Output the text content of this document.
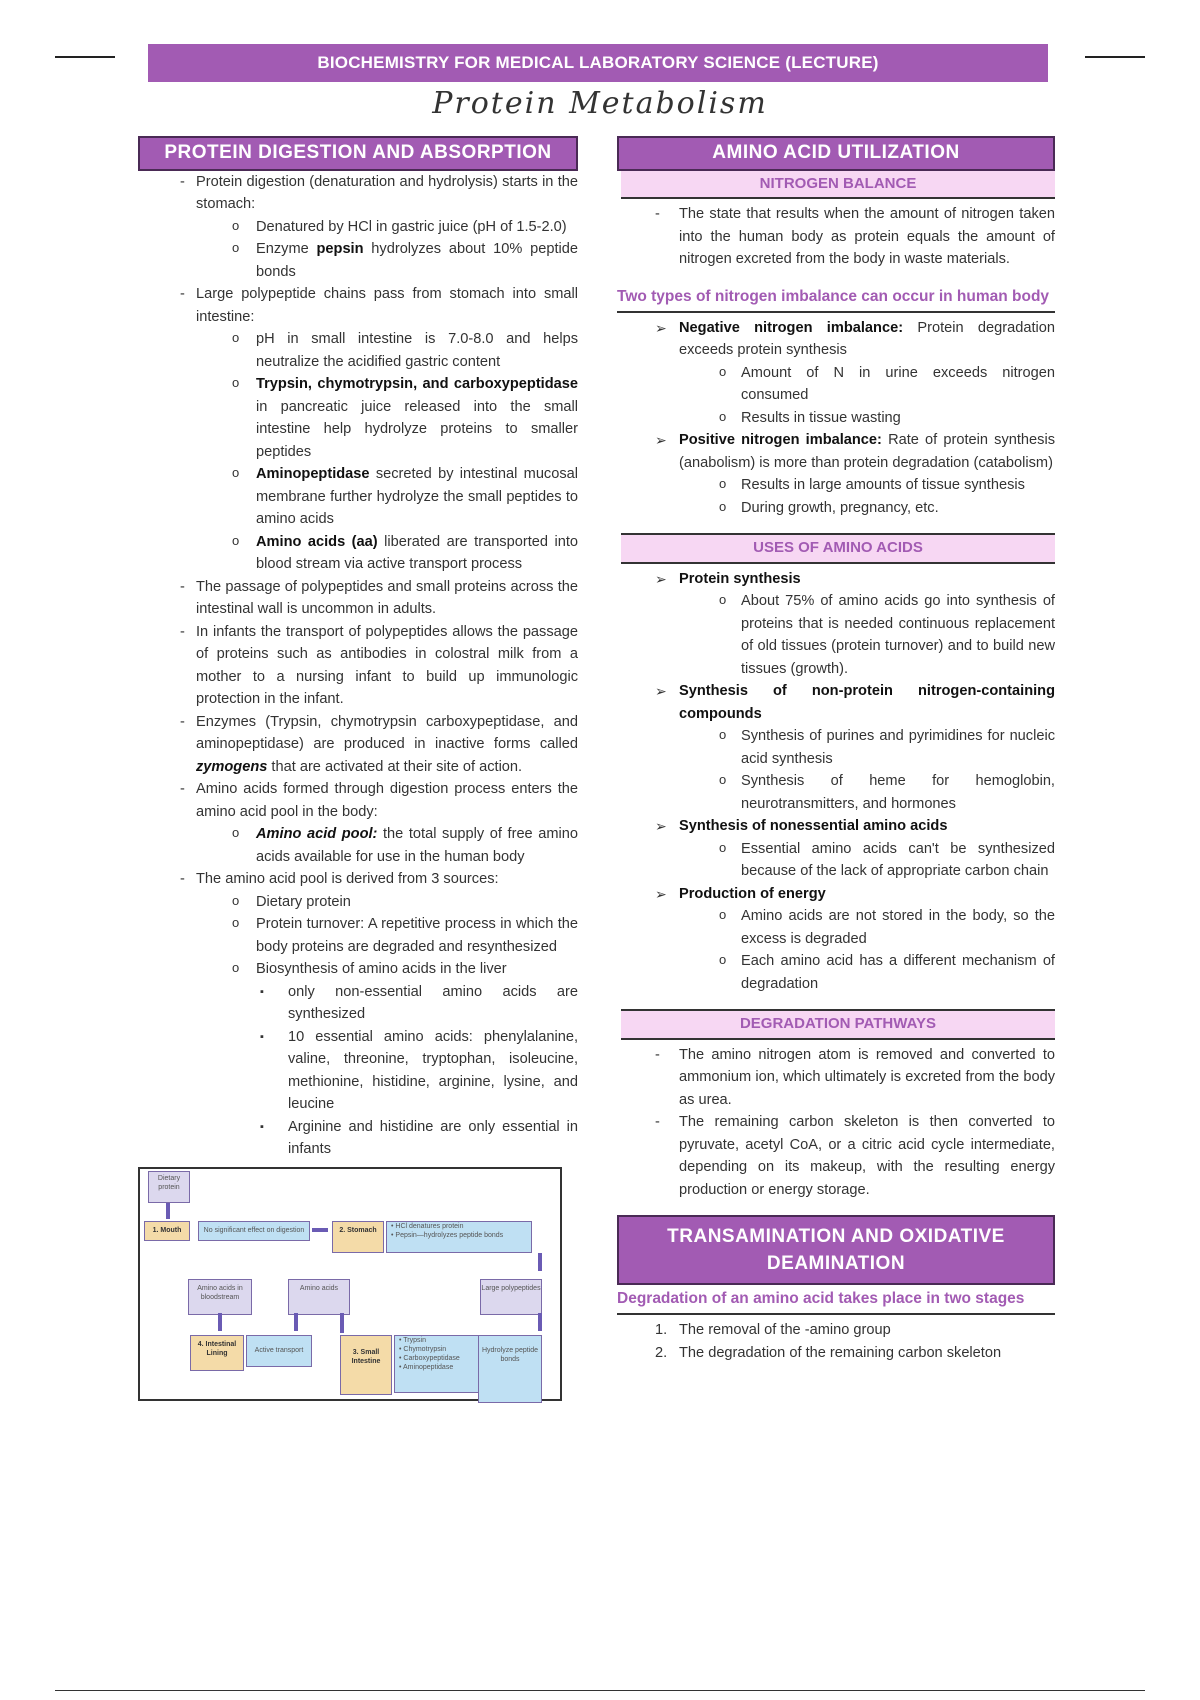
BIOCHEMISTRY FOR MEDICAL LABORATORY SCIENCE (LECTURE)
Protein Metabolism
PROTEIN DIGESTION AND ABSORPTION
- Protein digestion (denaturation and hydrolysis) starts in the stomach:
o Denatured by HCl in gastric juice (pH of 1.5-2.0)
o Enzyme pepsin hydrolyzes about 10% peptide bonds
- Large polypeptide chains pass from stomach into small intestine:
o pH in small intestine is 7.0-8.0 and helps neutralize the acidified gastric content
o Trypsin, chymotrypsin, and carboxypeptidase in pancreatic juice released into the small intestine help hydrolyze proteins to smaller peptides
o Aminopeptidase secreted by intestinal mucosal membrane further hydrolyze the small peptides to amino acids
o Amino acids (aa) liberated are transported into blood stream via active transport process
- The passage of polypeptides and small proteins across the intestinal wall is uncommon in adults.
- In infants the transport of polypeptides allows the passage of proteins such as antibodies in colostral milk from a mother to a nursing infant to build up immunologic protection in the infant.
- Enzymes (Trypsin, chymotrypsin carboxypeptidase, and aminopeptidase) are produced in inactive forms called zymogens that are activated at their site of action.
- Amino acids formed through digestion process enters the amino acid pool in the body:
o Amino acid pool: the total supply of free amino acids available for use in the human body
- The amino acid pool is derived from 3 sources:
o Dietary protein
o Protein turnover: A repetitive process in which the body proteins are degraded and resynthesized
o Biosynthesis of amino acids in the liver
▪ only non-essential amino acids are synthesized
▪ 10 essential amino acids: phenylalanine, valine, threonine, tryptophan, isoleucine, methionine, histidine, arginine, lysine, and leucine
▪ Arginine and histidine are only essential in infants
Dietary protein
1. Mouth	No significant effect on digestion	2. Stomach
• HCl denatures protein
• Pepsin—hydrolyzes peptide bonds
Amino acids in bloodstream
Amino acids	Large polypeptides
4. Intestinal Lining	Active transport	3. Small Intestine
• Trypsin
• Chymotrypsin
• Carboxypeptidase
• Aminopeptidase
Hydrolyze peptide bonds
AMINO ACID UTILIZATION
NITROGEN BALANCE
- The state that results when the amount of nitrogen taken into the human body as protein equals the amount of nitrogen excreted from the body in waste materials.
Two types of nitrogen imbalance can occur in human body
➢ Negative nitrogen imbalance: Protein degradation exceeds protein synthesis
o Amount of N in urine exceeds nitrogen consumed
o Results in tissue wasting
➢ Positive nitrogen imbalance: Rate of protein synthesis (anabolism) is more than protein degradation (catabolism)
o Results in large amounts of tissue synthesis
o During growth, pregnancy, etc.
USES OF AMINO ACIDS
➢ Protein synthesis
o About 75% of amino acids go into synthesis of proteins that is needed continuous replacement of old tissues (protein turnover) and to build new tissues (growth).
➢ Synthesis of non-protein nitrogen-containing compounds
o Synthesis of purines and pyrimidines for nucleic acid synthesis
o Synthesis of heme for hemoglobin, neurotransmitters, and hormones
➢ Synthesis of nonessential amino acids
o Essential amino acids can't be synthesized because of the lack of appropriate carbon chain
➢ Production of energy
o Amino acids are not stored in the body, so the excess is degraded
o Each amino acid has a different mechanism of degradation
DEGRADATION PATHWAYS
- The amino nitrogen atom is removed and converted to ammonium ion, which ultimately is excreted from the body as urea.
- The remaining carbon skeleton is then converted to pyruvate, acetyl CoA, or a citric acid cycle intermediate, depending on its makeup, with the resulting energy production or energy storage.
TRANSAMINATION AND OXIDATIVE DEAMINATION
Degradation of an amino acid takes place in two stages
1. The removal of the -amino group
2. The degradation of the remaining carbon skeleton
